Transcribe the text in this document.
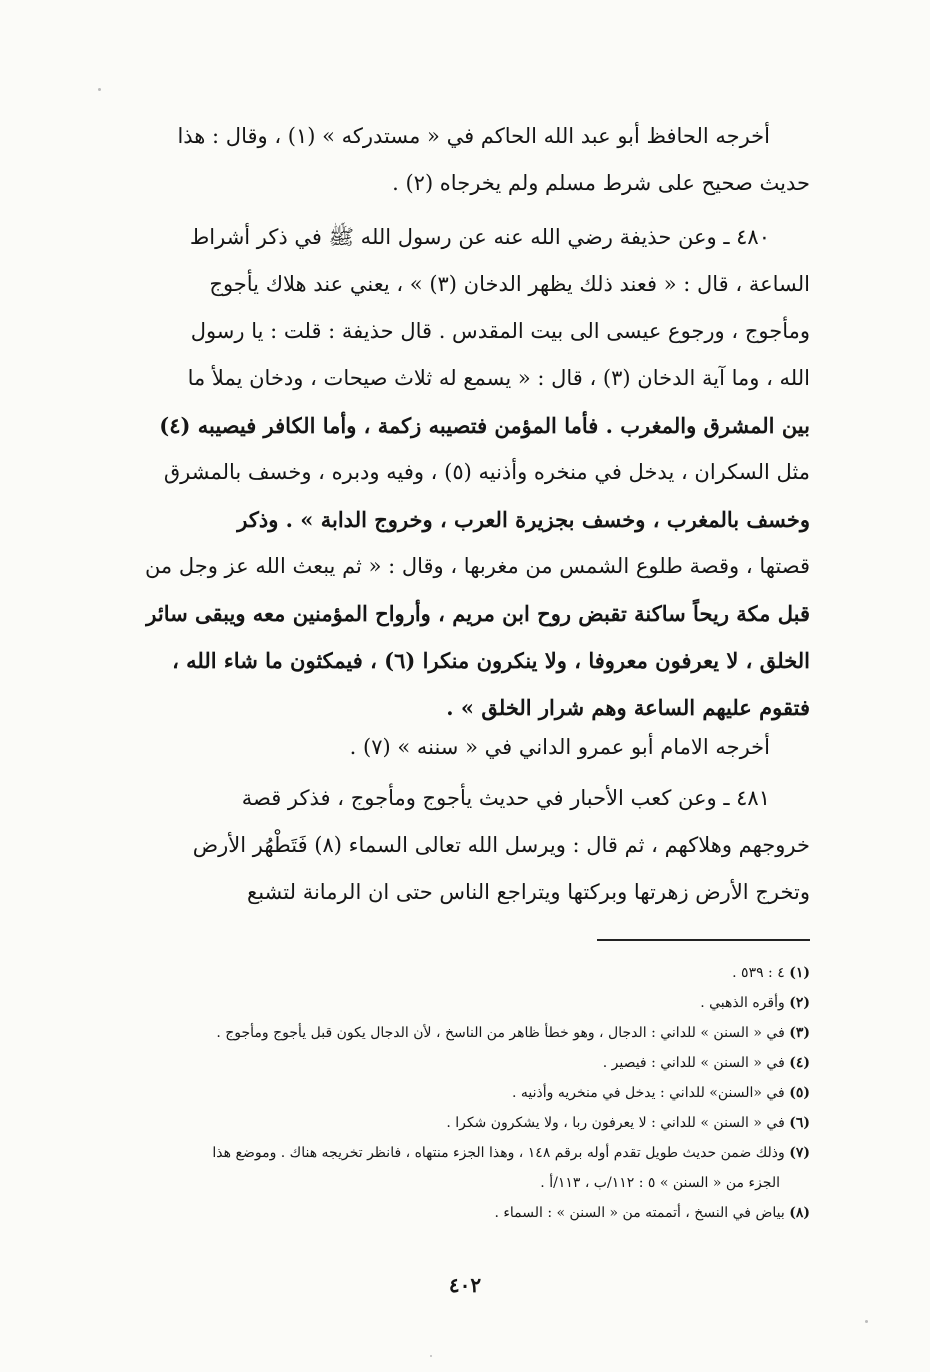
أخرجه الحافظ أبو عبد الله الحاكم في « مستدركه » (١) ، وقال : هذا
حديث صحيح على شرط مسلم ولم يخرجاه (٢) .
٤٨٠ ـ وعن حذيفة رضي الله عنه عن رسول الله ﷺ في ذكر أشراط
الساعة ، قال : « فعند ذلك يظهر الدخان (٣) » ، يعني عند هلاك يأجوج
ومأجوج ، ورجوع عيسى الى بيت المقدس . قال حذيفة : قلت : يا رسول
الله ، وما آية الدخان (٣) ، قال : « يسمع له ثلاث صيحات ، ودخان يملأ ما
بين المشرق والمغرب . فأما المؤمن فتصيبه زكمة ، وأما الكافر فيصيبه (٤)
مثل السكران ، يدخل في منخره وأذنيه (٥) ، وفيه ودبره ، وخسف بالمشرق
وخسف بالمغرب ، وخسف بجزيرة العرب ، وخروج الدابة » . وذكر
قصتها ، وقصة طلوع الشمس من مغربها ، وقال : « ثم يبعث الله عز وجل من
قبل مكة ريحاً ساكنة تقبض روح ابن مريم ، وأرواح المؤمنين معه ويبقى سائر
الخلق ، لا يعرفون معروفا ، ولا ينكرون منكرا (٦) ، فيمكثون ما شاء الله ،
فتقوم عليهم الساعة وهم شرار الخلق » .
أخرجه الامام أبو عمرو الداني في « سننه » (٧) .
٤٨١ ـ وعن كعب الأحبار في حديث يأجوج ومأجوج ، فذكر قصة
خروجهم وهلاكهم ، ثم قال : ويرسل الله تعالى السماء (٨) فَتَطْهُر الأرض
وتخرج الأرض زهرتها وبركتها ويتراجع الناس حتى ان الرمانة لتشبع
(١) ٤ : ٥٣٩ .
(٢) وأقره الذهبي .
(٣) في « السنن » للداني : الدجال ، وهو خطأ ظاهر من الناسخ ، لأن الدجال يكون قبل يأجوج ومأجوج .
(٤) في « السنن » للداني : فيصير .
(٥) في «السنن» للداني : يدخل في منخريه وأذنيه .
(٦) في « السنن » للداني : لا يعرفون ربا ، ولا يشكرون شكرا .
(٧) وذلك ضمن حديث طويل تقدم أوله برقم ١٤٨ ، وهذا الجزء منتهاه ، فانظر تخريجه هناك . وموضع هذا
الجزء من « السنن » ٥ : ١١٢/ب ، ١١٣/أ .
(٨) بياض في النسخ ، أتممته من « السنن » : السماء .
٤٠٢
